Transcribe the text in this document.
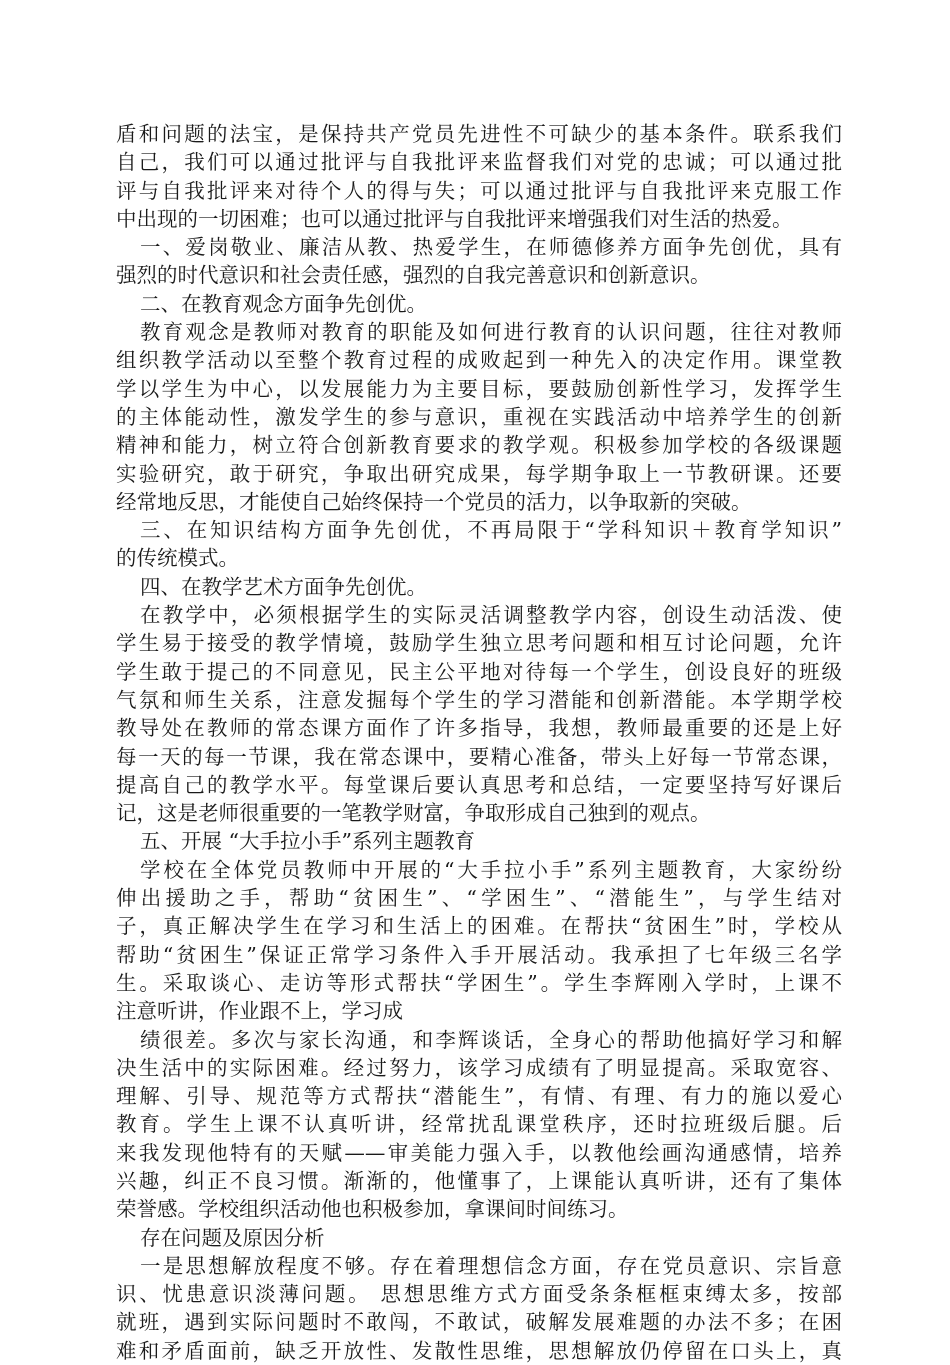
盾和问题的法宝，是保持共产党员先进性不可缺少的基本条件。联系我们
自己，我们可以通过批评与自我批评来监督我们对党的忠诚；可以通过批
评与自我批评来对待个人的得与失；可以通过批评与自我批评来克服工作
中出现的一切困难；也可以通过批评与自我批评来增强我们对生活的热爱。
一、爱岗敬业、廉洁从教、热爱学生，在师德修养方面争先创优，具有
强烈的时代意识和社会责任感，强烈的自我完善意识和创新意识。
二、在教育观念方面争先创优。
教育观念是教师对教育的职能及如何进行教育的认识问题，往往对教师
组织教学活动以至整个教育过程的成败起到一种先入的决定作用。课堂教
学以学生为中心，以发展能力为主要目标，要鼓励创新性学习，发挥学生
的主体能动性，激发学生的参与意识，重视在实践活动中培养学生的创新
精神和能力，树立符合创新教育要求的教学观。积极参加学校的各级课题
实验研究，敢于研究，争取出研究成果，每学期争取上一节教研课。还要
经常地反思，才能使自己始终保持一个党员的活力，以争取新的突破。
三、在知识结构方面争先创优，不再局限于“学科知识＋教育学知识”
的传统模式。
四、在教学艺术方面争先创优。
在教学中，必须根据学生的实际灵活调整教学内容，创设生动活泼、使
学生易于接受的教学情境，鼓励学生独立思考问题和相互讨论问题，允许
学生敢于提己的不同意见，民主公平地对待每一个学生，创设良好的班级
气氛和师生关系，注意发掘每个学生的学习潜能和创新潜能。本学期学校
教导处在教师的常态课方面作了许多指导，我想，教师最重要的还是上好
每一天的每一节课，我在常态课中，要精心准备，带头上好每一节常态课，
提高自己的教学水平。每堂课后要认真思考和总结，一定要坚持写好课后
记，这是老师很重要的一笔教学财富，争取形成自己独到的观点。
五、开展 “大手拉小手”系列主题教育
学校在全体党员教师中开展的“大手拉小手”系列主题教育，大家纷纷
伸出援助之手，帮助“贫困生”、“学困生”、“潜能生”，与学生结对
子，真正解决学生在学习和生活上的困难。在帮扶“贫困生”时，学校从
帮助“贫困生”保证正常学习条件入手开展活动。我承担了七年级三名学
生。采取谈心、走访等形式帮扶“学困生”。学生李辉刚入学时，上课不
注意听讲，作业跟不上，学习成
绩很差。多次与家长沟通，和李辉谈话，全身心的帮助他搞好学习和解
决生活中的实际困难。经过努力，该学习成绩有了明显提高。采取宽容、
理解、引导、规范等方式帮扶“潜能生”，有情、有理、有力的施以爱心
教育。学生上课不认真听讲，经常扰乱课堂秩序，还时拉班级后腿。后
来我发现他特有的天赋——审美能力强入手，以教他绘画沟通感情，培养
兴趣，纠正不良习惯。渐渐的，他懂事了，上课能认真听讲，还有了集体
荣誉感。学校组织活动他也积极参加，拿课间时间练习。
存在问题及原因分析
一是思想解放程度不够。存在着理想信念方面，存在党员意识、宗旨意
识、忧患意识淡薄问题。 思想思维方式方面受条条框框束缚太多，按部
就班，遇到实际问题时不敢闯，不敢试，破解发展难题的办法不多；在困
难和矛盾面前，缺乏开放性、发散性思维，思想解放仍停留在口头上，真
